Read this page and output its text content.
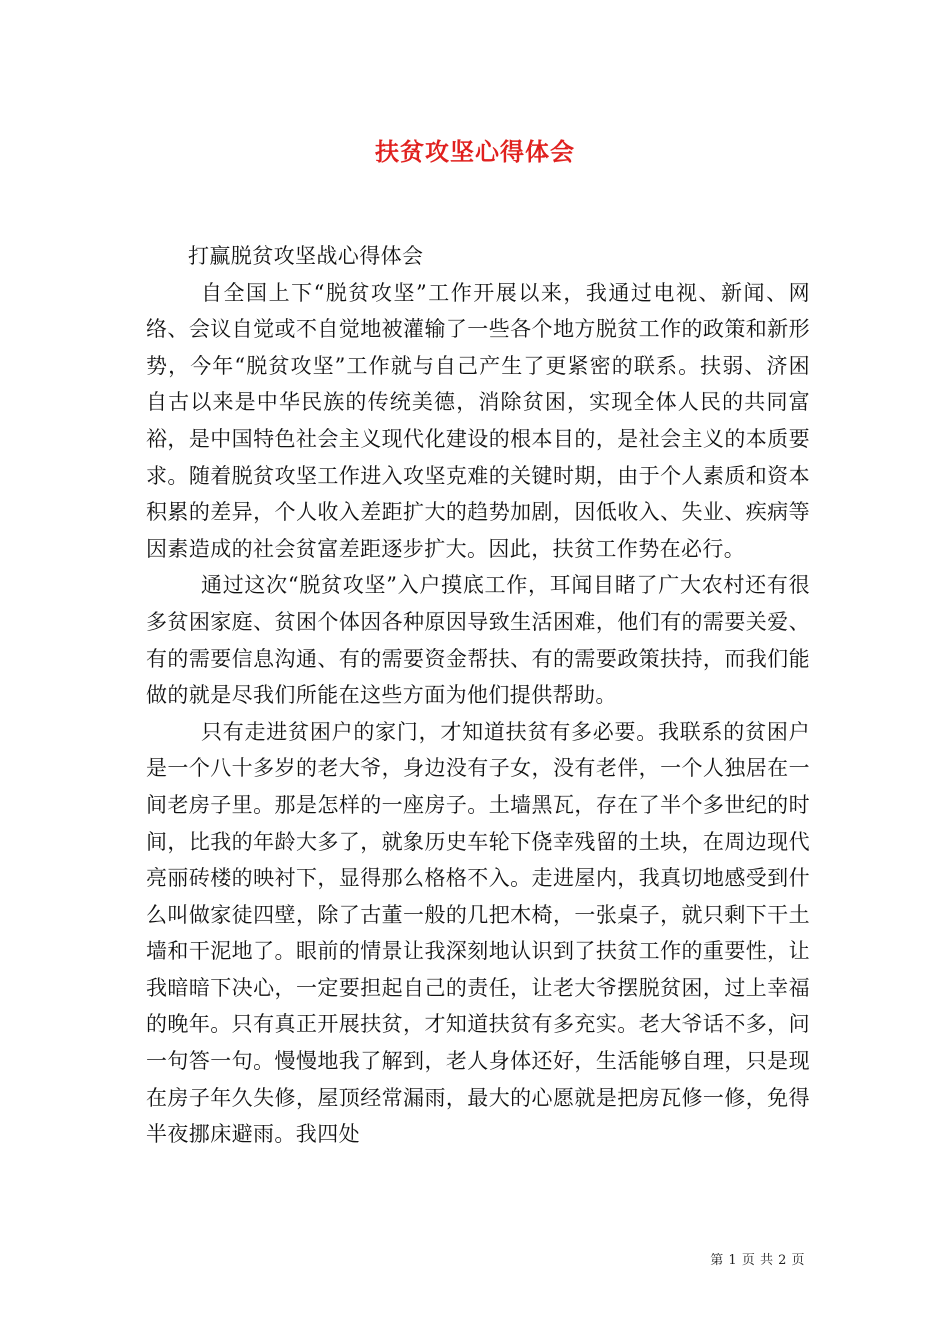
扶贫攻坚心得体会

打赢脱贫攻坚战心得体会

自全国上下“脱贫攻坚”工作开展以来，我通过电视、新闻、网络、会议自觉或不自觉地被灌输了一些各个地方脱贫工作的政策和新形势，今年“脱贫攻坚”工作就与自己产生了更紧密的联系。扶弱、济困自古以来是中华民族的传统美德，消除贫困，实现全体人民的共同富裕，是中国特色社会主义现代化建设的根本目的，是社会主义的本质要求。随着脱贫攻坚工作进入攻坚克难的关键时期，由于个人素质和资本积累的差异，个人收入差距扩大的趋势加剧，因低收入、失业、疾病等因素造成的社会贫富差距逐步扩大。因此，扶贫工作势在必行。

通过这次“脱贫攻坚”入户摸底工作，耳闻目睹了广大农村还有很多贫困家庭、贫困个体因各种原因导致生活困难，他们有的需要关爱、有的需要信息沟通、有的需要资金帮扶、有的需要政策扶持，而我们能做的就是尽我们所能在这些方面为他们提供帮助。

只有走进贫困户的家门，才知道扶贫有多必要。我联系的贫困户是一个八十多岁的老大爷，身边没有子女，没有老伴，一个人独居在一间老房子里。那是怎样的一座房子。土墙黑瓦，存在了半个多世纪的时间，比我的年龄大多了，就象历史车轮下侥幸残留的土块，在周边现代亮丽砖楼的映衬下，显得那么格格不入。走进屋内，我真切地感受到什么叫做家徒四壁，除了古董一般的几把木椅，一张桌子，就只剩下干土墙和干泥地了。眼前的情景让我深刻地认识到了扶贫工作的重要性，让我暗暗下决心，一定要担起自己的责任，让老大爷摆脱贫困，过上幸福的晚年。只有真正开展扶贫，才知道扶贫有多充实。老大爷话不多，问一句答一句。慢慢地我了解到，老人身体还好，生活能够自理，只是现在房子年久失修，屋顶经常漏雨，最大的心愿就是把房瓦修一修，免得半夜挪床避雨。我四处

第 1 页 共 2 页
